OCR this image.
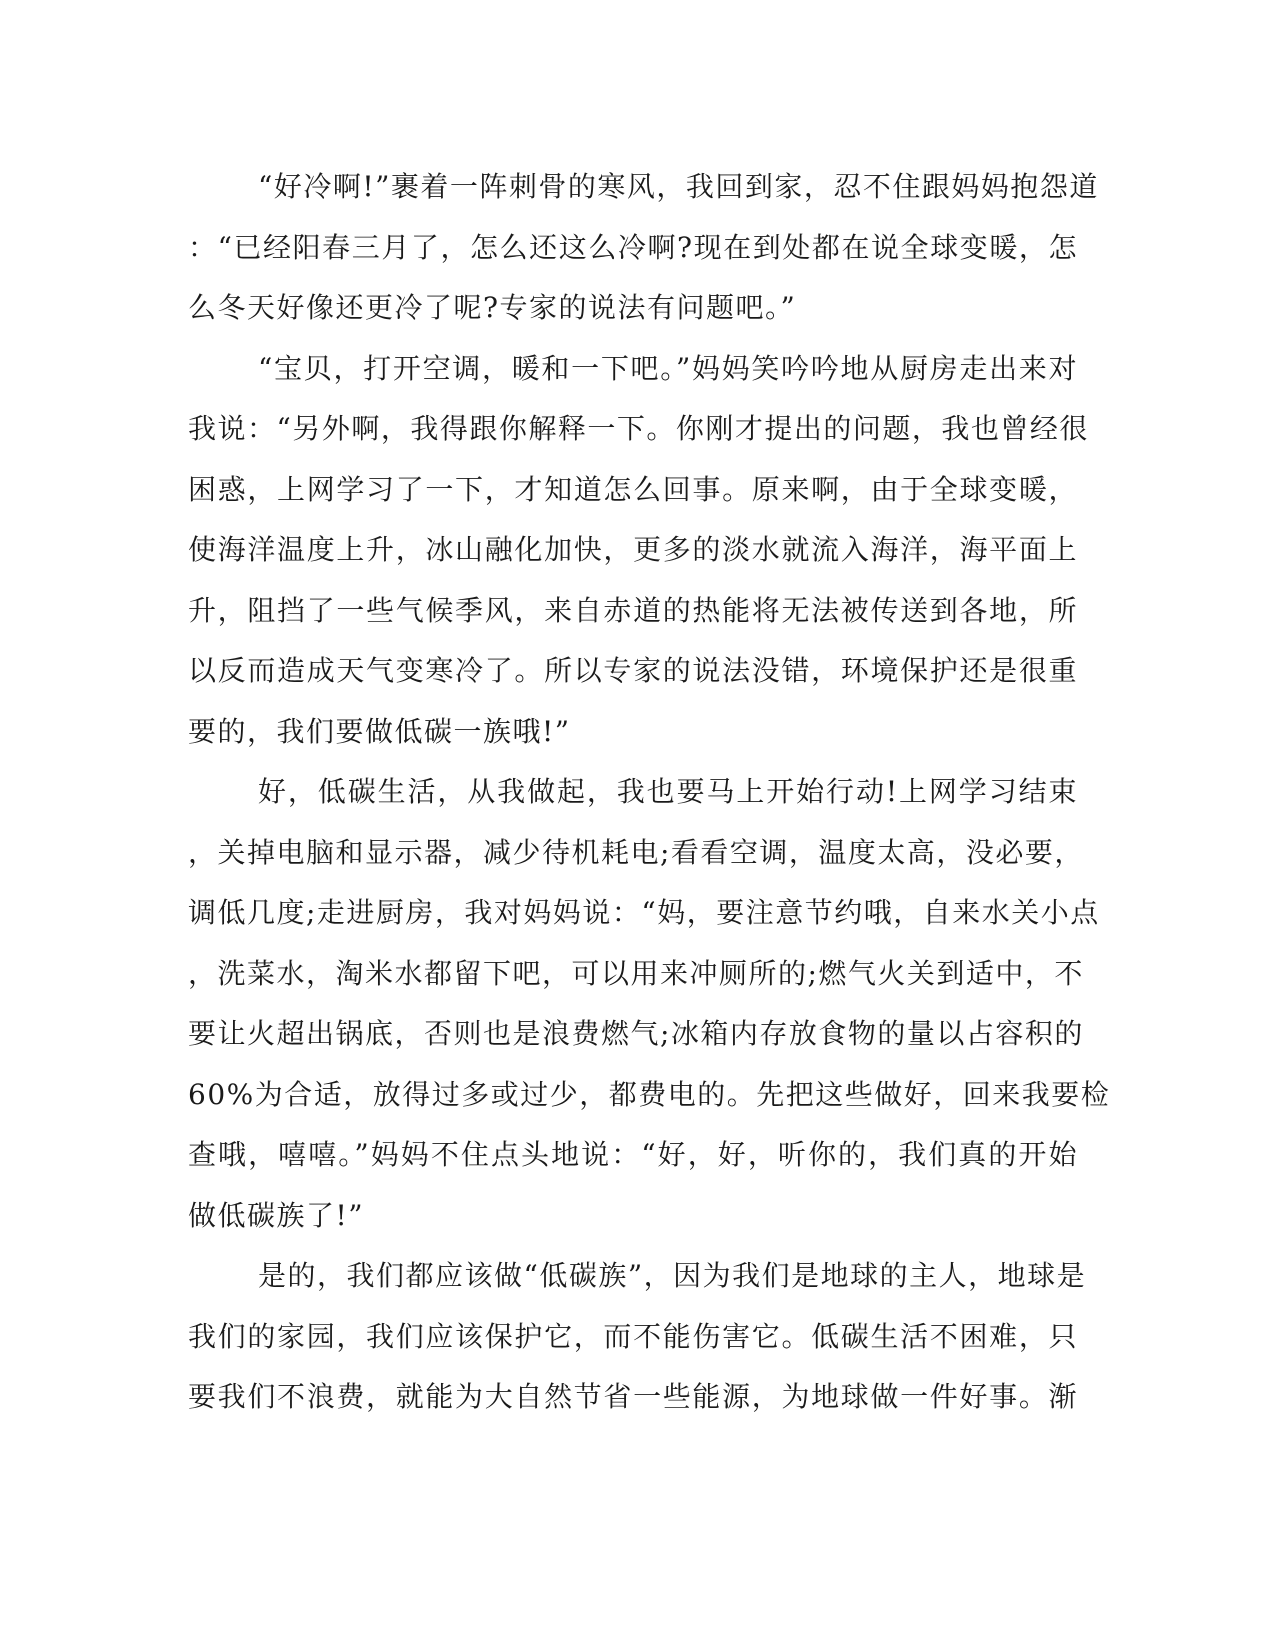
“好冷啊!”裹着一阵刺骨的寒风，我回到家，忍不住跟妈妈抱怨道
：“已经阳春三月了，怎么还这么冷啊?现在到处都在说全球变暖，怎
么冬天好像还更冷了呢?专家的说法有问题吧。”
“宝贝，打开空调，暖和一下吧。”妈妈笑吟吟地从厨房走出来对
我说：“另外啊，我得跟你解释一下。你刚才提出的问题，我也曾经很
困惑，上网学习了一下，才知道怎么回事。原来啊，由于全球变暖，
使海洋温度上升，冰山融化加快，更多的淡水就流入海洋，海平面上
升，阻挡了一些气候季风，来自赤道的热能将无法被传送到各地，所
以反而造成天气变寒冷了。所以专家的说法没错，环境保护还是很重
要的，我们要做低碳一族哦!”
好，低碳生活，从我做起，我也要马上开始行动!上网学习结束
，关掉电脑和显示器，减少待机耗电;看看空调，温度太高，没必要，
调低几度;走进厨房，我对妈妈说：“妈，要注意节约哦，自来水关小点
，洗菜水，淘米水都留下吧，可以用来冲厕所的;燃气火关到适中，不
要让火超出锅底，否则也是浪费燃气;冰箱内存放食物的量以占容积的
60%为合适，放得过多或过少，都费电的。先把这些做好，回来我要检
查哦，嘻嘻。”妈妈不住点头地说：“好，好，听你的，我们真的开始
做低碳族了!”
是的，我们都应该做“低碳族”，因为我们是地球的主人，地球是
我们的家园，我们应该保护它，而不能伤害它。低碳生活不困难，只
要我们不浪费，就能为大自然节省一些能源，为地球做一件好事。渐
